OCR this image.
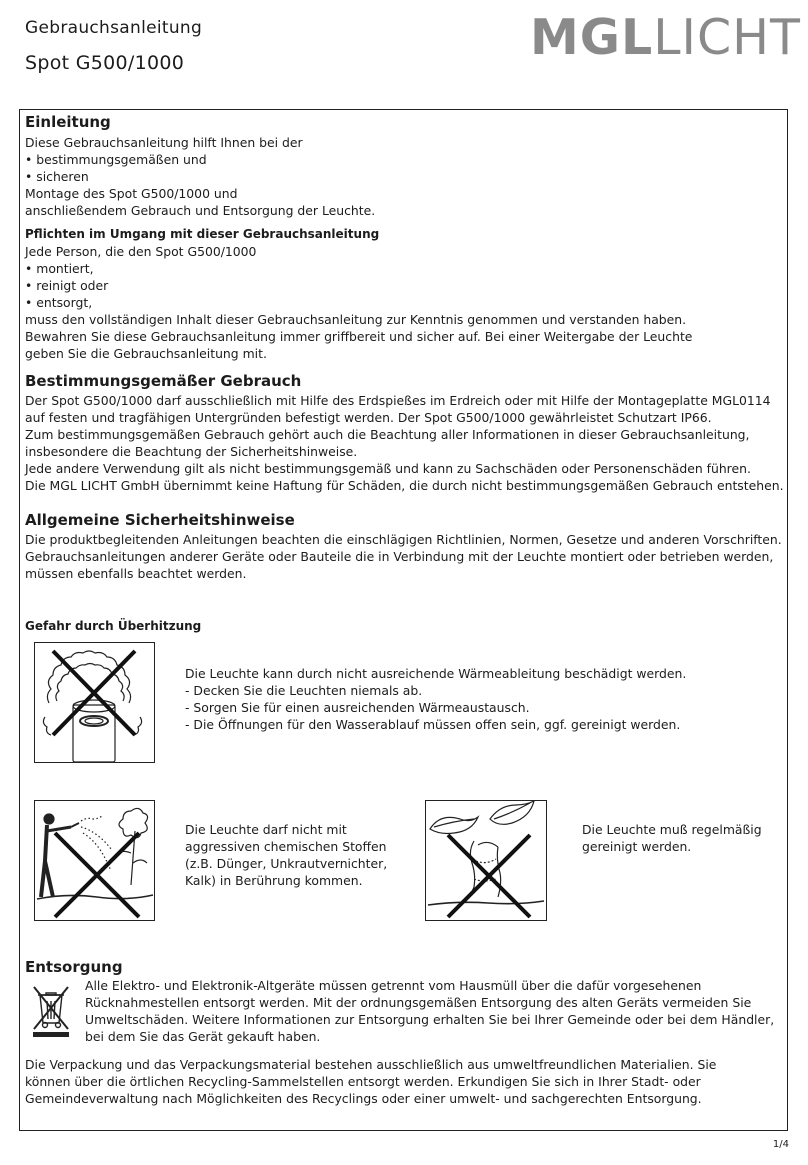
Gebrauchsanleitung
Spot G500/1000	MGLLICHT
Einleitung
Diese Gebrauchsanleitung hilft Ihnen bei der
• bestimmungsgemäßen und
• sicheren
Montage des Spot G500/1000 und
anschließendem Gebrauch und Entsorgung der Leuchte.
Pflichten im Umgang mit dieser Gebrauchsanleitung
Jede Person, die den Spot G500/1000
• montiert,
• reinigt oder
• entsorgt,
muss den vollständigen Inhalt dieser Gebrauchsanleitung zur Kenntnis genommen und verstanden haben.
Bewahren Sie diese Gebrauchsanleitung immer griffbereit und sicher auf. Bei einer Weitergabe der Leuchte
geben Sie die Gebrauchsanleitung mit.
Bestimmungsgemäßer Gebrauch
Der Spot G500/1000 darf ausschließlich mit Hilfe des Erdspießes im Erdreich oder mit Hilfe der Montageplatte MGL0114
auf festen und tragfähigen Untergründen befestigt werden. Der Spot G500/1000 gewährleistet Schutzart IP66.
Zum bestimmungsgemäßen Gebrauch gehört auch die Beachtung aller Informationen in dieser Gebrauchsanleitung,
insbesondere die Beachtung der Sicherheitshinweise.
Jede andere Verwendung gilt als nicht bestimmungsgemäß und kann zu Sachschäden oder Personenschäden führen.
Die MGL LICHT GmbH übernimmt keine Haftung für Schäden, die durch nicht bestimmungsgemäßen Gebrauch entstehen.
Allgemeine Sicherheitshinweise
Die produktbegleitenden Anleitungen beachten die einschlägigen Richtlinien, Normen, Gesetze und anderen Vorschriften.
Gebrauchsanleitungen anderer Geräte oder Bauteile die in Verbindung mit der Leuchte montiert oder betrieben werden,
müssen ebenfalls beachtet werden.
Gefahr durch Überhitzung
Die Leuchte kann durch nicht ausreichende Wärmeableitung beschädigt werden.
- Decken Sie die Leuchten niemals ab.
- Sorgen Sie für einen ausreichenden Wärmeaustausch.
- Die Öffnungen für den Wasserablauf müssen offen sein, ggf. gereinigt werden.
Die Leuchte darf nicht mit
aggressiven chemischen Stoffen
(z.B. Dünger, Unkrautvernichter,
Kalk) in Berührung kommen.
Die Leuchte muß regelmäßig
gereinigt werden.
Entsorgung
Alle Elektro- und Elektronik-Altgeräte müssen getrennt vom Hausmüll über die dafür vorgesehenen
Rücknahmestellen entsorgt werden. Mit der ordnungsgemäßen Entsorgung des alten Geräts vermeiden Sie
Umweltschäden. Weitere Informationen zur Entsorgung erhalten Sie bei Ihrer Gemeinde oder bei dem Händler,
bei dem Sie das Gerät gekauft haben.
Die Verpackung und das Verpackungsmaterial bestehen ausschließlich aus umweltfreundlichen Materialien. Sie
können über die örtlichen Recycling-Sammelstellen entsorgt werden. Erkundigen Sie sich in Ihrer Stadt- oder
Gemeindeverwaltung nach Möglichkeiten des Recyclings oder einer umwelt- und sachgerechten Entsorgung.
1/4
